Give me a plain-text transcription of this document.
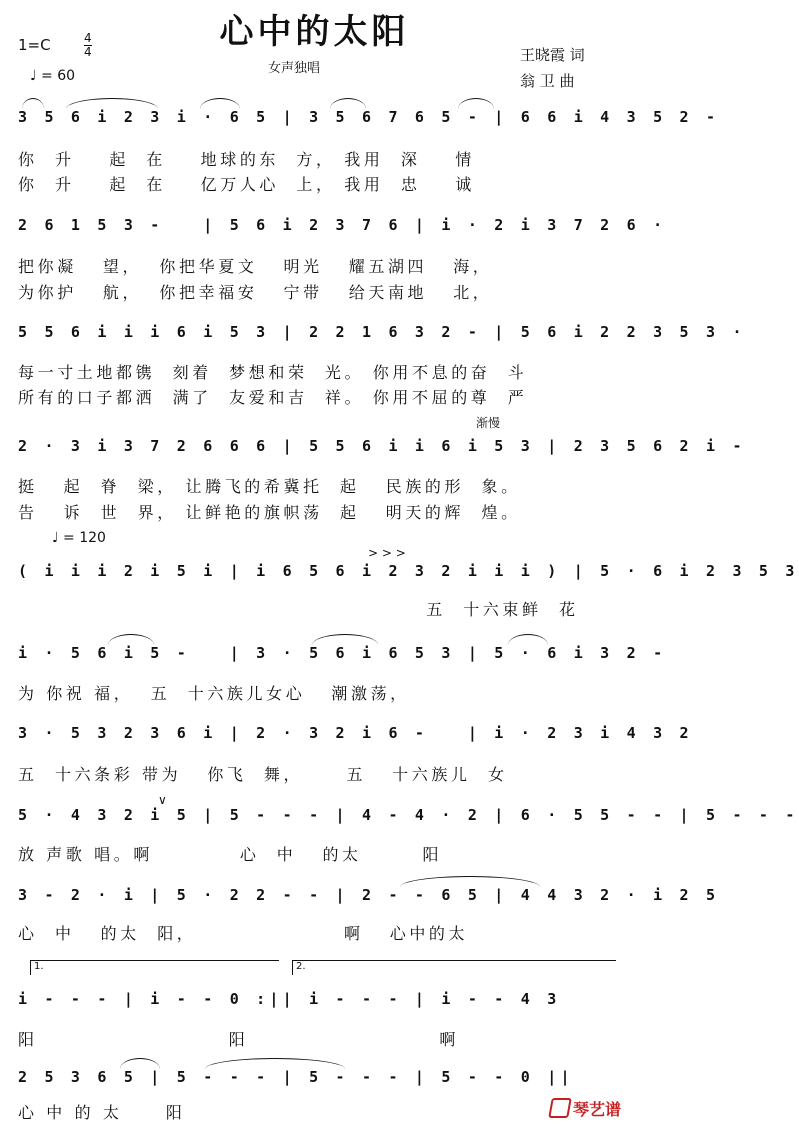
心中的太阳
女声独唱
1=C	4
4
♩ = 60
王晓霞 词
翁 卫 曲
3 5 6 i 2 3 i · 6 5 | 3 5 6 7 6 5 - | 6 6 i 4 3 5 2 -
你  升    起  在    地球的东  方， 我用  深    情
你  升    起  在    亿万人心  上， 我用  忠    诚
2 6 1 5 3 -   | 5 6 i 2 3 7 6 | i · 2 i 3 7 2 6 ·
把你凝   望，  你把华夏文   明光   耀五湖四   海，
为你护   航，  你把幸福安   宁带   给天南地   北，
5 5 6 i i i 6 i 5 3 | 2 2 1 6 3 2 - | 5 6 i 2 2 3 5 3 ·
每一寸土地都镌  刻着  梦想和荣  光。 你用不息的奋  斗
所有的口子都洒  满了  友爱和吉  祥。 你用不屈的尊  严
渐慢
2 · 3 i 3 7 2 6 6 6 | 5 5 6 i i 6 i 5 3 | 2 3 5 6 2 i -
挺   起  脊  梁， 让腾飞的希冀托  起   民族的形  象。
告   诉  世  界， 让鲜艳的旗帜荡  起   明天的辉  煌。
♩ = 120
> > >
( i i i 2 i 5 i | i 6 5 6 i 2 3 2 i i i ) | 5 · 6 i 2 3 5 3
五  十六束鲜  花
i · 5 6 i 5 -   | 3 · 5 6 i 6 5 3 | 5 · 6 i 3 2 -
为 你祝 福，  五  十六族儿女心   潮激荡，
3 · 5 3 2 3 6 i | 2 · 3 2 i 6 -   | i · 2 3 i 4 3 2
五  十六条彩 带为   你飞  舞，     五   十六族儿  女
∨
5 · 4 3 2 i 5 | 5 - - - | 4 - 4 · 2 | 6 · 5 5 - - | 5 - - -
放 声歌 唱。啊          心  中   的太       阳
3 - 2 · i | 5 · 2 2 - - | 2 - - 6 5 | 4 4 3 2 · i 2 5
心  中   的太  阳，                 啊   心中的太
1.	2.
i - - - | i - - 0 :|| i - - - | i - - 4 3
阳                      阳                      啊
2 5 3 6 5 | 5 - - - | 5 - - - | 5 - - 0 ||
心 中 的 太     阳	琴艺谱
